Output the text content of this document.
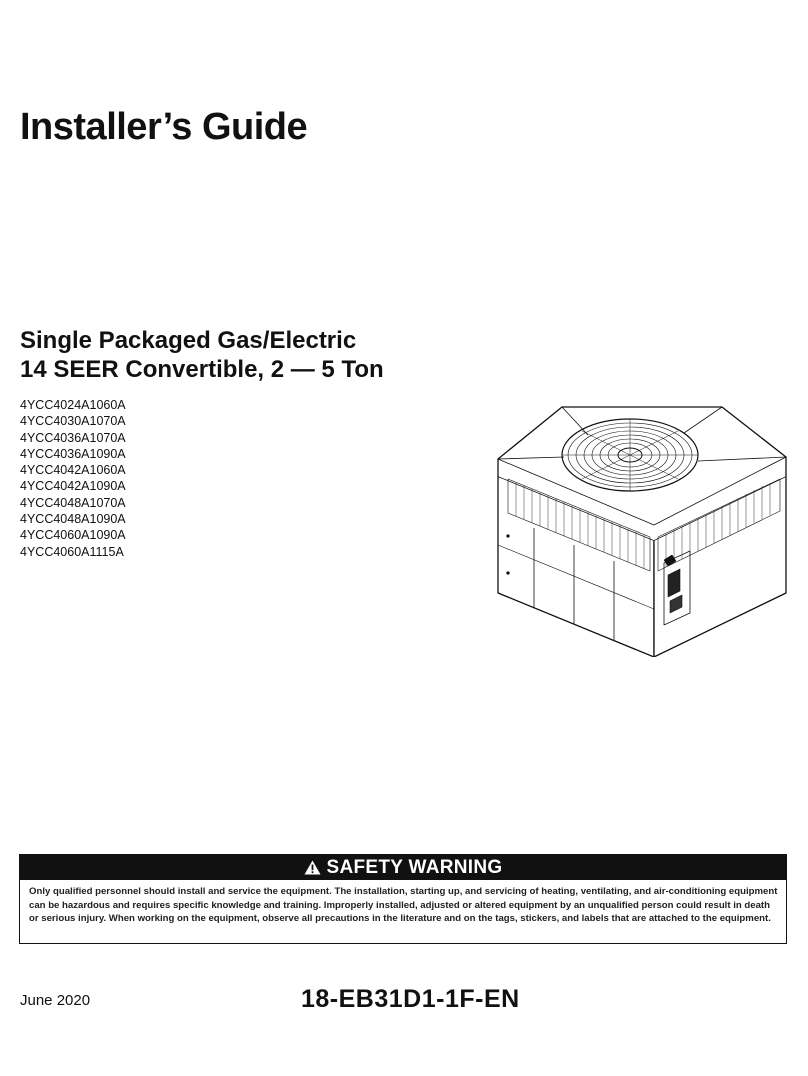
Installer’s Guide
Single Packaged Gas/Electric
14 SEER Convertible, 2 — 5 Ton
4YCC4024A1060A
4YCC4030A1070A
4YCC4036A1070A
4YCC4036A1090A
4YCC4042A1060A
4YCC4042A1090A
4YCC4048A1070A
4YCC4048A1090A
4YCC4060A1090A
4YCC4060A1115A
SAFETY WARNING

Only qualified personnel should install and service the equipment. The installation, starting up, and servicing of heating, ventilating, and air-conditioning equipment can be hazardous and requires specific knowledge and training. Improperly installed, adjusted or altered equipment by an unqualified person could result in death or serious injury. When working on the equipment, observe all precautions in the literature and on the tags, stickers, and labels that are attached to the equipment.

June 2020	18-EB31D1-1F-EN
